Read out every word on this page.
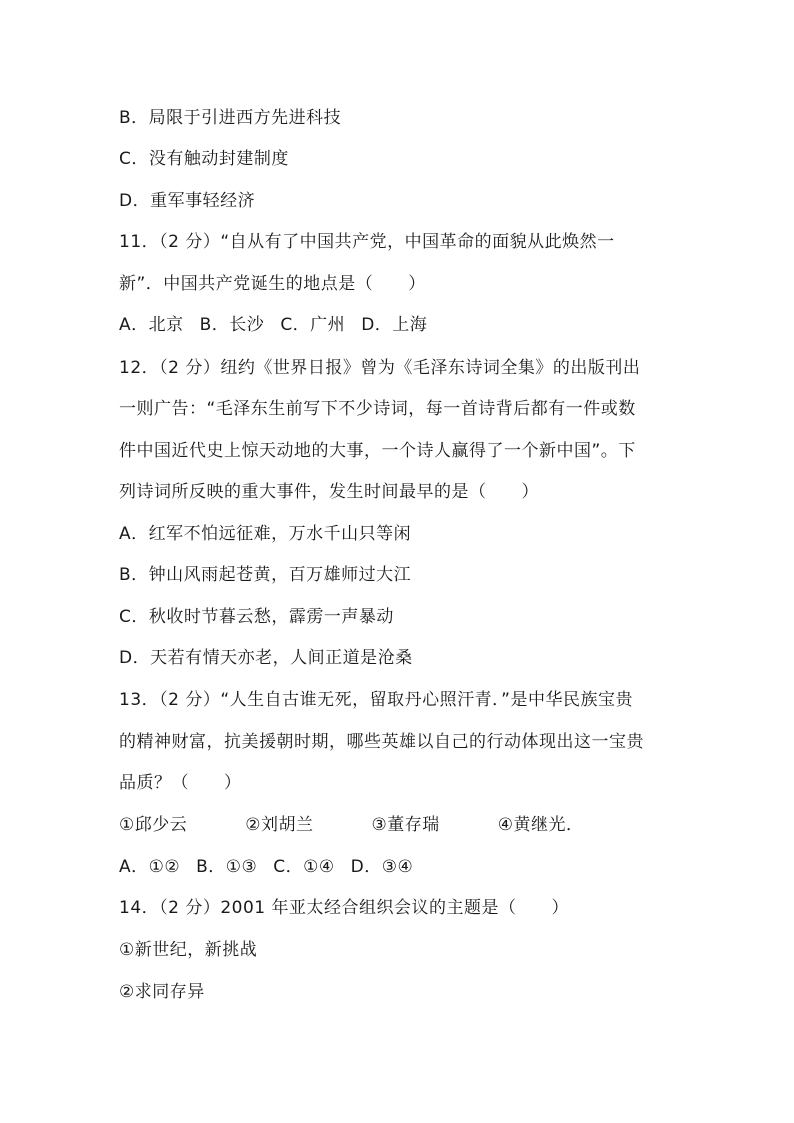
B．局限于引进西方先进科技
C．没有触动封建制度
D．重军事轻经济
11．（2 分）“自从有了中国共产党，中国革命的面貌从此焕然一
新”．中国共产党诞生的地点是（　　）
A．北京 B．长沙 C．广州 D．上海
12．（2 分）纽约《世界日报》曾为《毛泽东诗词全集》的出版刊出
一则广告：“毛泽东生前写下不少诗词，每一首诗背后都有一件或数
件中国近代史上惊天动地的大事，一个诗人赢得了一个新中国”。下
列诗词所反映的重大事件，发生时间最早的是（　　）
A．红军不怕远征难，万水千山只等闲
B．钟山风雨起苍黄，百万雄师过大江
C．秋收时节暮云愁，霹雳一声暴动
D．天若有情天亦老，人间正道是沧桑
13．（2 分）“人生自古谁无死，留取丹心照汗青．”是中华民族宝贵
的精神财富，抗美援朝时期，哪些英雄以自己的行动体现出这一宝贵
品质？（　　）
①邱少云	②刘胡兰	③董存瑞	④黄继光．
A．①② B．①③ C．①④ D．③④
14．（2 分）2001 年亚太经合组织会议的主题是（　　）
①新世纪，新挑战
②求同存异
